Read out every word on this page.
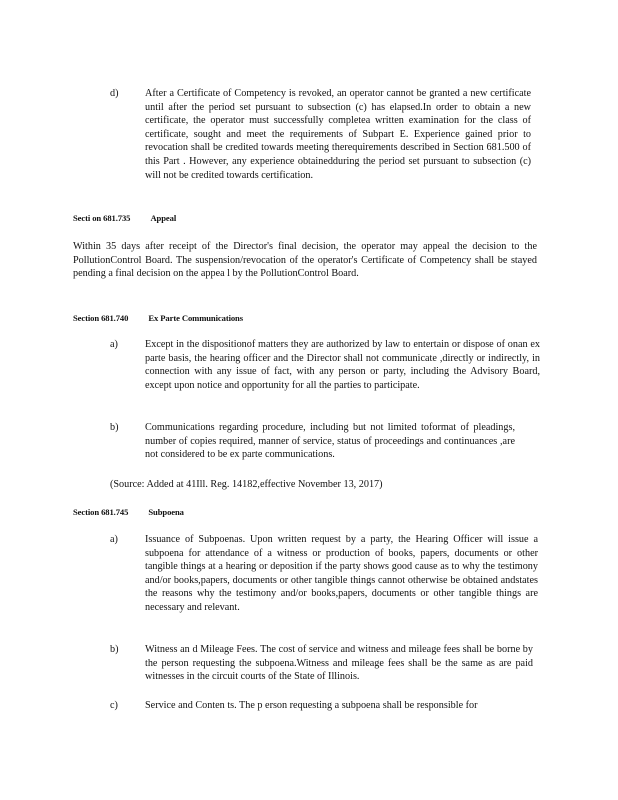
d)	After a Certificate of Competency is revoked, an operator cannot be granted a new certificate until after the period set pursuant to subsection (c) has elapsed.In order to obtain a new certificate, the operator must successfully completea written examination for the class of certificate, sought and meet the requirements of Subpart E. Experience gained prior to revocation shall be credited towards meeting therequirements described in Section 681.500 of this Part . However, any experience obtainedduring the period set pursuant to subsection (c) will not be credited towards certification.

Secti on 681.735 Appeal

Within 35 days after receipt of the Director's final decision, the operator may appeal the decision to the PollutionControl Board. The suspension/revocation of the operator's Certificate of Competency shall be stayed pending a final decision on the appea l by the PollutionControl Board.

Section 681.740 Ex Parte Communications
a)	Except in the dispositionof matters they are authorized by law to entertain or dispose of onan ex parte basis, the hearing officer and the Director shall not communicate ,directly or indirectly, in connection with any issue of fact, with any person or party, including the Advisory Board, except upon notice and opportunity for all the parties to participate.

b)	Communications regarding procedure, including but not limited toformat of pleadings, number of copies required, manner of service, status of proceedings and continuances ,are not considered to be ex parte communications.

(Source: Added at 41Ill. Reg. 14182,effective November 13, 2017)

Section 681.745 Subpoena
a)	Issuance of Subpoenas. Upon written request by a party, the Hearing Officer will issue a subpoena for attendance of a witness or production of books, papers, documents or other tangible things at a hearing or deposition if the party shows good cause as to why the testimony and/or books,papers, documents or other tangible things cannot otherwise be obtained andstates the reasons why the testimony and/or books,papers, documents or other tangible things are necessary and relevant.

b)	Witness an d Mileage Fees. The cost of service and witness and mileage fees shall be borne by the person requesting the subpoena.Witness and mileage fees shall be the same as are paid witnesses in the circuit courts of the State of Illinois.

c)	Service and Conten ts. The p erson requesting a subpoena shall be responsible for
